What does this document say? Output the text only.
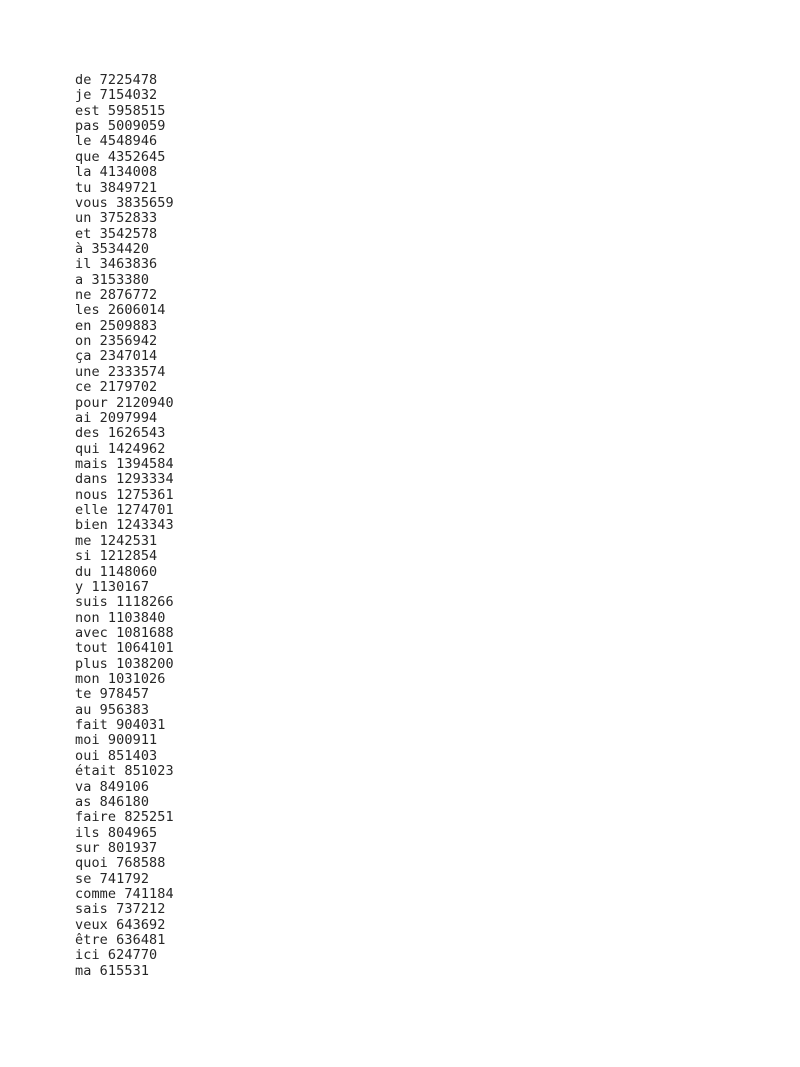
de 7225478
je 7154032
est 5958515
pas 5009059
le 4548946
que 4352645
la 4134008
tu 3849721
vous 3835659
un 3752833
et 3542578
à 3534420
il 3463836
a 3153380
ne 2876772
les 2606014
en 2509883
on 2356942
ça 2347014
une 2333574
ce 2179702
pour 2120940
ai 2097994
des 1626543
qui 1424962
mais 1394584
dans 1293334
nous 1275361
elle 1274701
bien 1243343
me 1242531
si 1212854
du 1148060
y 1130167
suis 1118266
non 1103840
avec 1081688
tout 1064101
plus 1038200
mon 1031026
te 978457
au 956383
fait 904031
moi 900911
oui 851403
était 851023
va 849106
as 846180
faire 825251
ils 804965
sur 801937
quoi 768588
se 741792
comme 741184
sais 737212
veux 643692
être 636481
ici 624770
ma 615531
